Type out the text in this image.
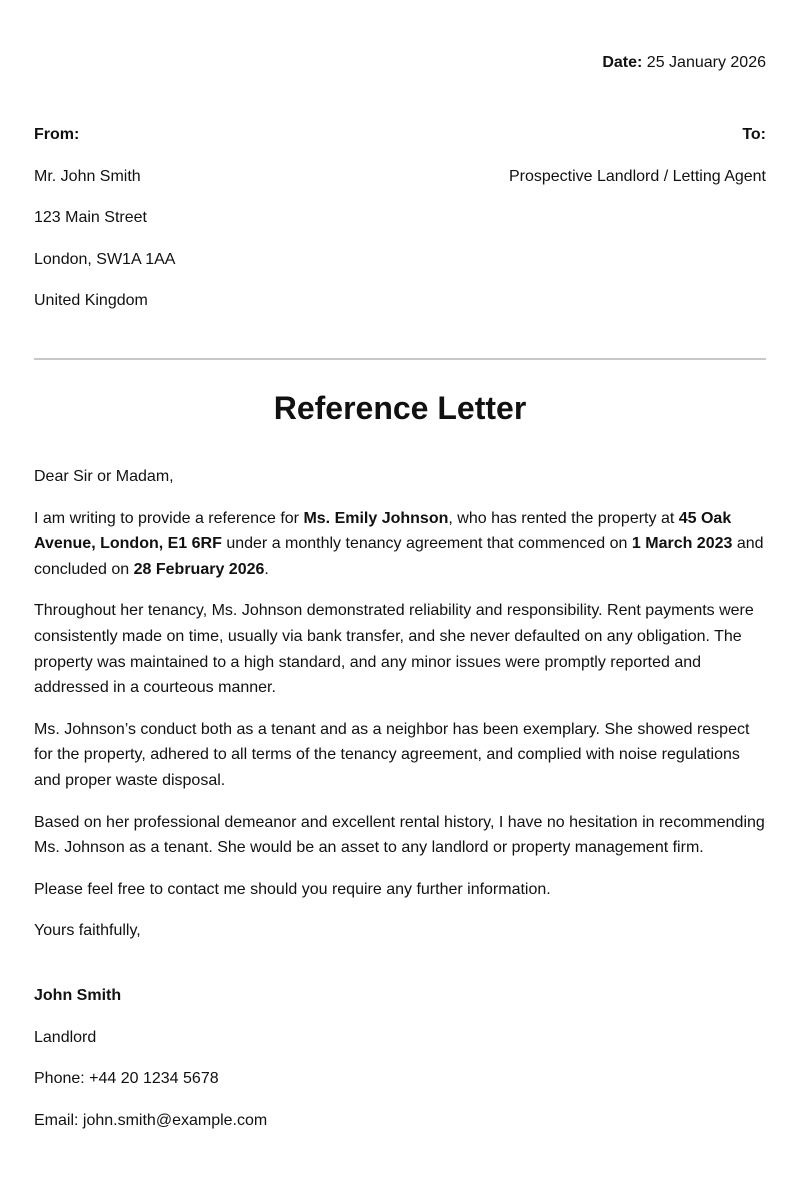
Date: 25 January 2026
From:
Mr. John Smith
123 Main Street
London, SW1A 1AA
United Kingdom
To:
Prospective Landlord / Letting Agent
Reference Letter

Dear Sir or Madam,

I am writing to provide a reference for Ms. Emily Johnson, who has rented the property at 45 Oak Avenue, London, E1 6RF under a monthly tenancy agreement that commenced on 1 March 2023 and concluded on 28 February 2026.

Throughout her tenancy, Ms. Johnson demonstrated reliability and responsibility. Rent payments were consistently made on time, usually via bank transfer, and she never defaulted on any obligation. The property was maintained to a high standard, and any minor issues were promptly reported and addressed in a courteous manner.

Ms. Johnson’s conduct both as a tenant and as a neighbor has been exemplary. She showed respect for the property, adhered to all terms of the tenancy agreement, and complied with noise regulations and proper waste disposal.

Based on her professional demeanor and excellent rental history, I have no hesitation in recommending Ms. Johnson as a tenant. She would be an asset to any landlord or property management firm.

Please feel free to contact me should you require any further information.

Yours faithfully,

John Smith
Landlord
Phone: +44 20 1234 5678
Email: john.smith@example.com
